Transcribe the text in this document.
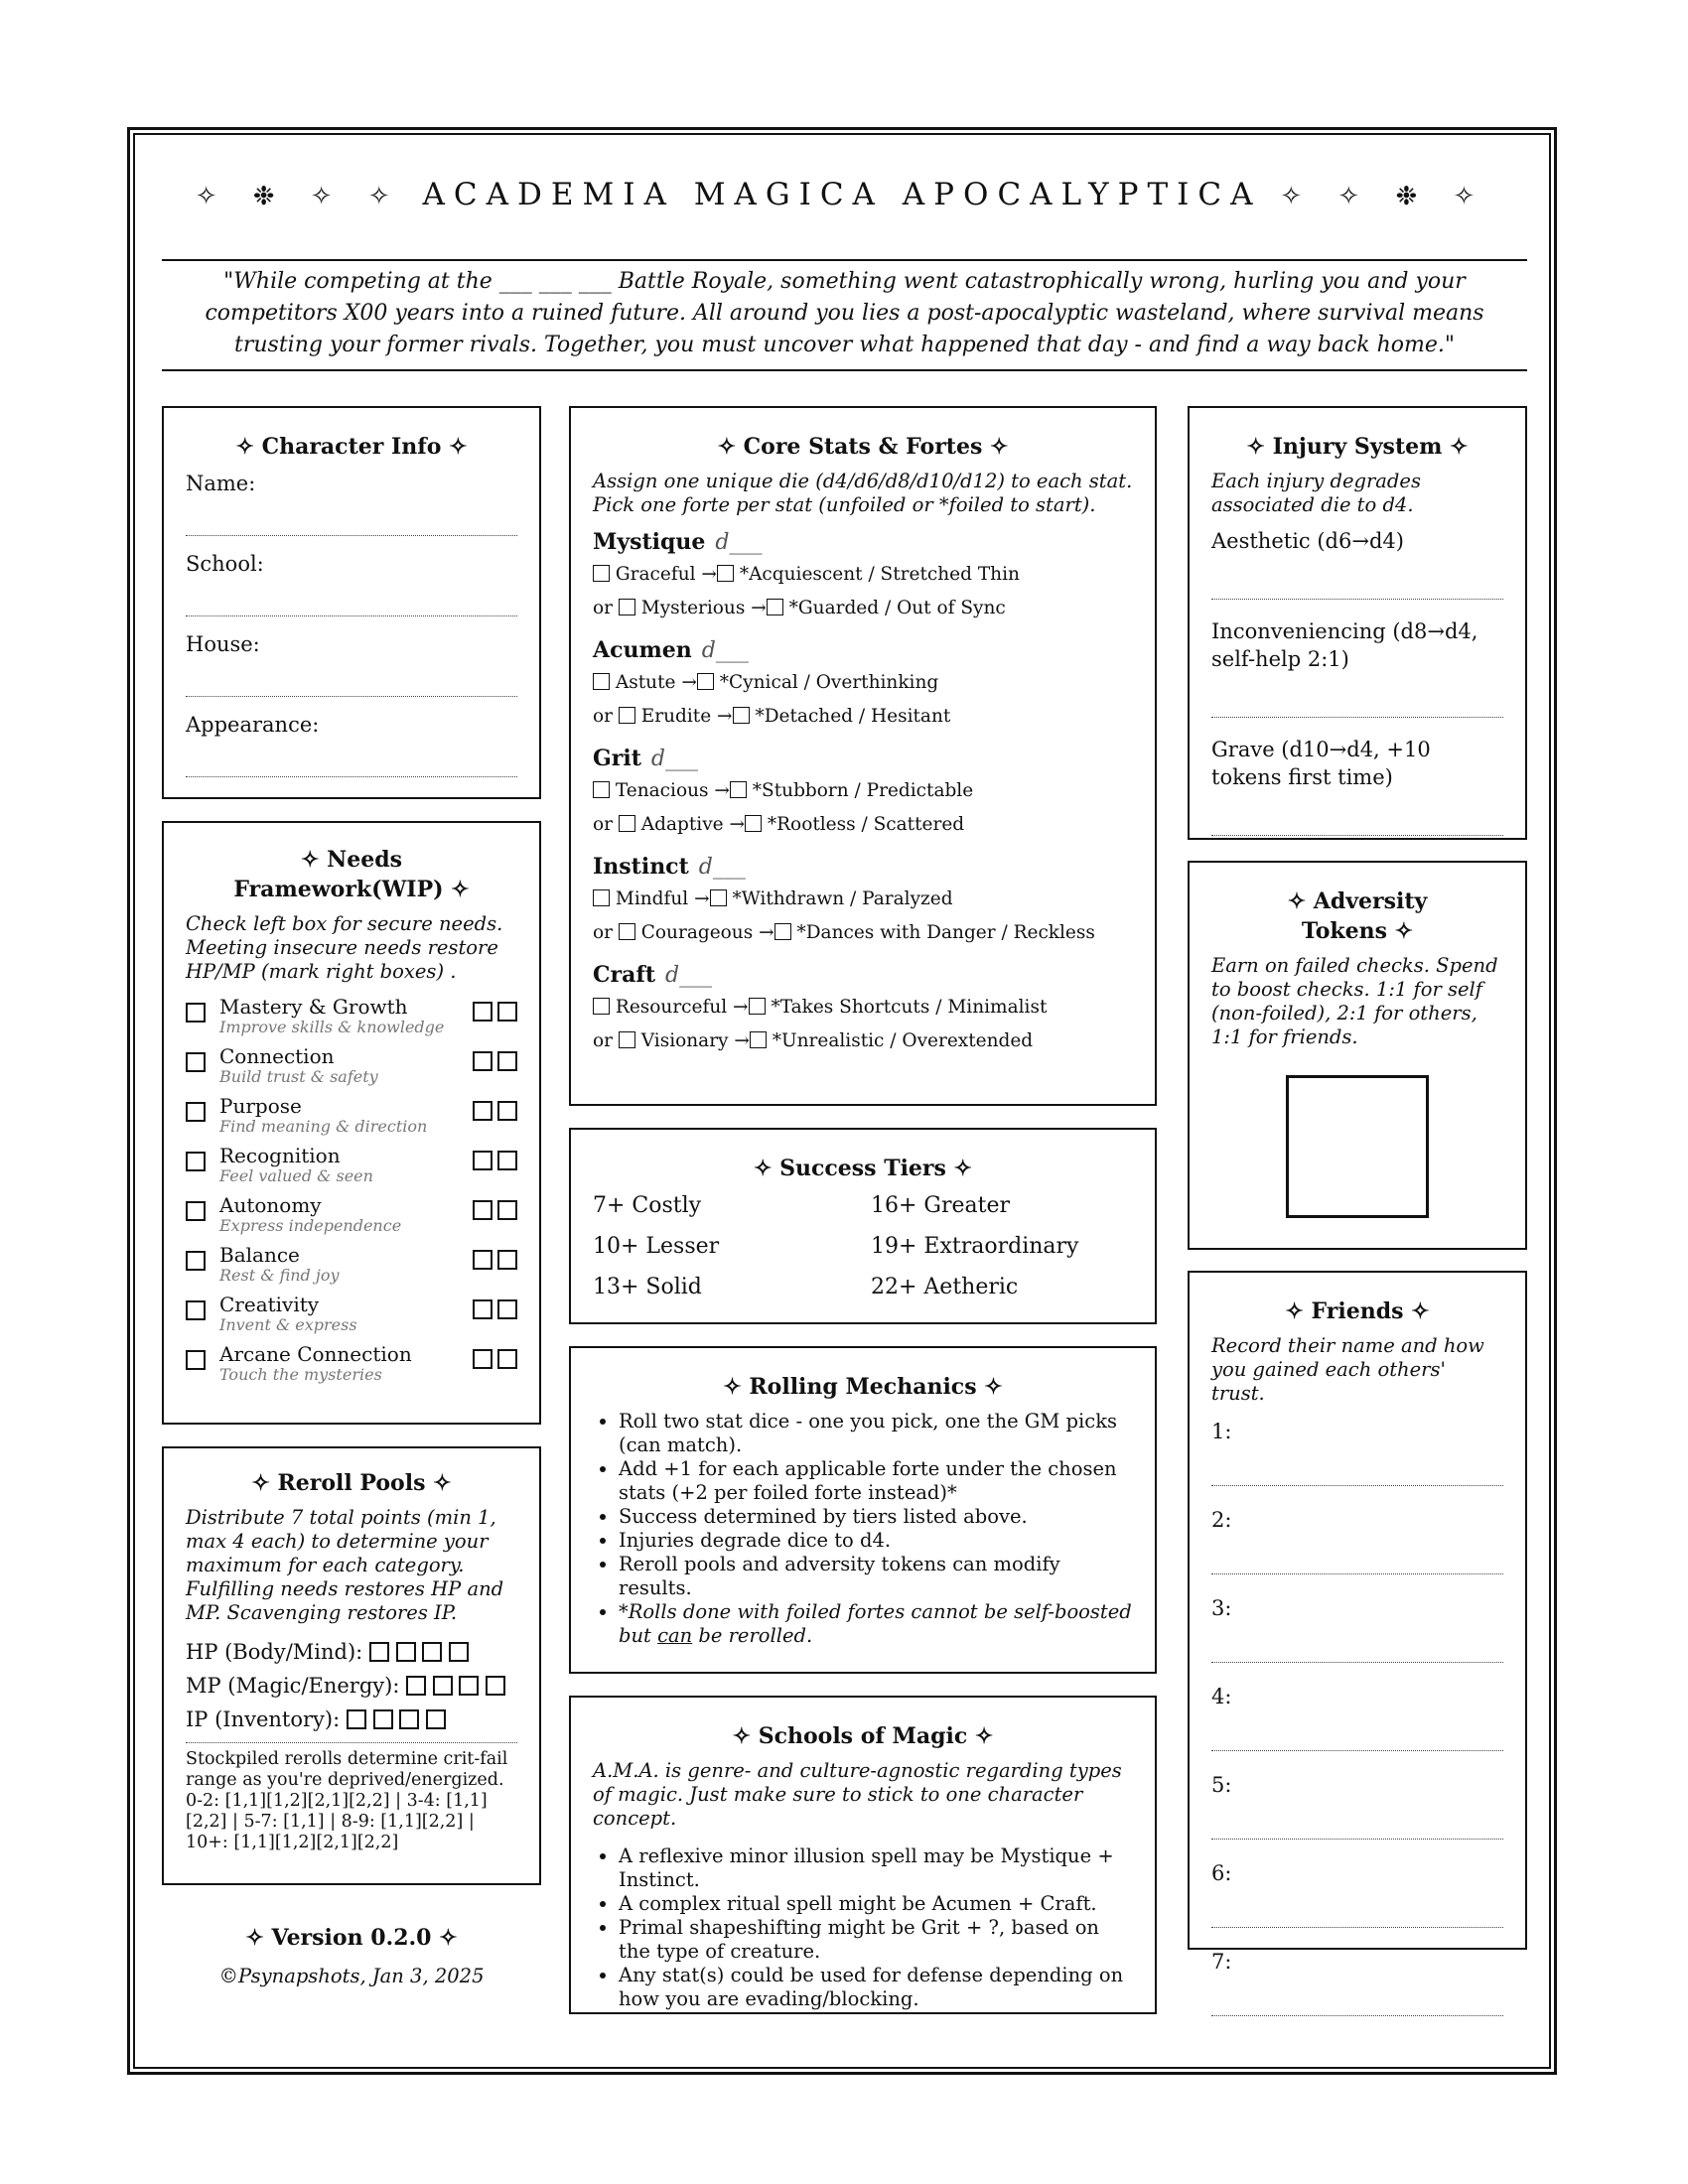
✧ ❉ ✧ ✧ ACADEMIA MAGICA APOCALYPTICA ✧ ✧ ❉ ✧
"While competing at the ___ ___ ___ Battle Royale, something went catastrophically wrong, hurling you and your competitors X00 years into a ruined future. All around you lies a post-apocalyptic wasteland, where survival means trusting your former rivals. Together, you must uncover what happened that day - and find a way back home."
✧ Character Info ✧
Name:
School:
House:
Appearance:
✧ Needs Framework(WIP) ✧
Check left box for secure needs. Meeting insecure needs restore HP/MP (mark right boxes) .
Mastery & Growth
Improve skills & knowledge

Connection
Build trust & safety

Purpose
Find meaning & direction

Recognition
Feel valued & seen

Autonomy
Express independence

Balance
Rest & find joy

Creativity
Invent & express

Arcane Connection
Touch the mysteries

✧ Reroll Pools ✧
Distribute 7 total points (min 1, max 4 each) to determine your maximum for each category. Fulfilling needs restores HP and MP. Scavenging restores IP.
HP (Body/Mind):
MP (Magic/Energy):
IP (Inventory):
Stockpiled rerolls determine crit-fail range as you're deprived/energized. 0-2: [1,1][1,2][2,1][2,2] | 3-4: [1,1][2,2] | 5-7: [1,1] | 8-9: [1,1][2,2] | 10+: [1,1][1,2][2,1][2,2]
✧ Version 0.2.0 ✧
©Psynapshots, Jan 3, 2025
✧ Core Stats & Fortes ✧
Assign one unique die (d4/d6/d8/d10/d12) to each stat. Pick one forte per stat (unfoiled or *foiled to start).
Mystique d___
Graceful → *Acquiescent / Stretched Thin
or Mysterious → *Guarded / Out of Sync
Acumen d___
Astute → *Cynical / Overthinking
or Erudite → *Detached / Hesitant
Grit d___
Tenacious → *Stubborn / Predictable
or Adaptive → *Rootless / Scattered
Instinct d___
Mindful → *Withdrawn / Paralyzed
or Courageous → *Dances with Danger / Reckless
Craft d___
Resourceful → *Takes Shortcuts / Minimalist
or Visionary → *Unrealistic / Overextended
✧ Success Tiers ✧
7+ Costly	16+ Greater
10+ Lesser	19+ Extraordinary
13+ Solid	22+ Aetheric
✧ Rolling Mechanics ✧
• Roll two stat dice - one you pick, one the GM picks (can match).
• Add +1 for each applicable forte under the chosen stats (+2 per foiled forte instead)*
• Success determined by tiers listed above.
• Injuries degrade dice to d4.
• Reroll pools and adversity tokens can modify results.
• *Rolls done with foiled fortes cannot be self-boosted but can be rerolled.
✧ Schools of Magic ✧
A.M.A. is genre- and culture-agnostic regarding types of magic. Just make sure to stick to one character concept.
• A reflexive minor illusion spell may be Mystique + Instinct.
• A complex ritual spell might be Acumen + Craft.
• Primal shapeshifting might be Grit + ?, based on the type of creature.
• Any stat(s) could be used for defense depending on how you are evading/blocking.
✧ Injury System ✧
Each injury degrades associated die to d4.
Aesthetic (d6→d4)
Inconveniencing (d8→d4, self-help 2:1)
Grave (d10→d4, +10 tokens first time)
✧ Adversity Tokens ✧
Earn on failed checks. Spend to boost checks. 1:1 for self (non-foiled), 2:1 for others, 1:1 for friends.
✧ Friends ✧
Record their name and how you gained each others' trust.
1:
2:
3:
4:
5:
6:
7:
